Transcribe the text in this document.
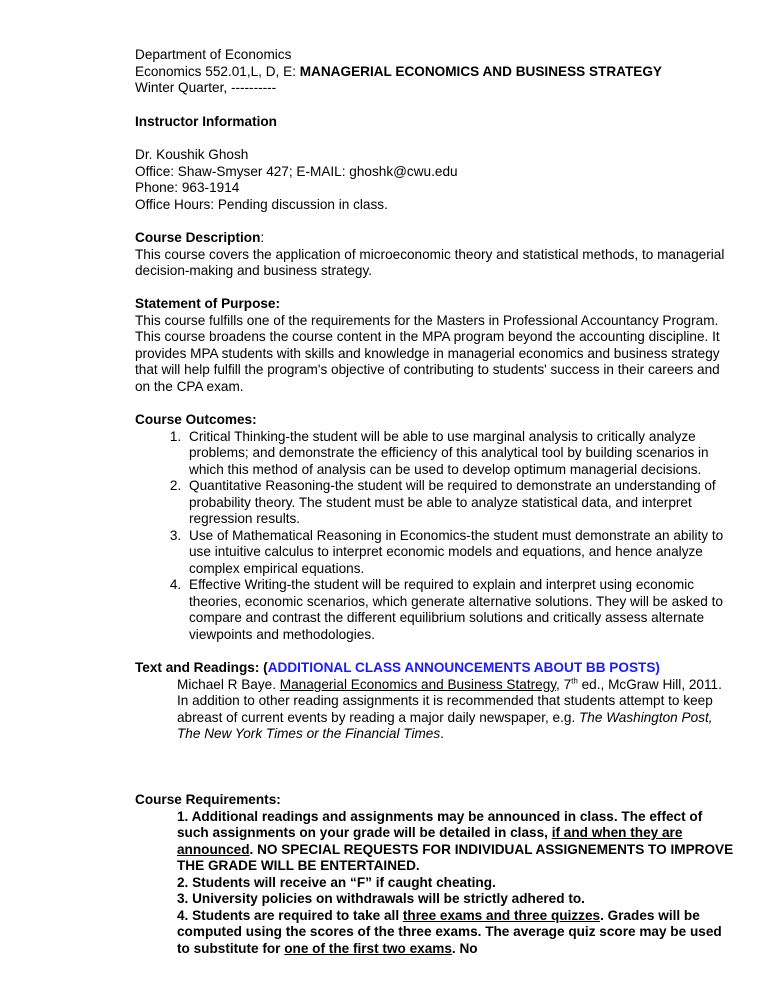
Department of Economics

Economics 552.01,L, D, E: MANAGERIAL ECONOMICS AND BUSINESS STRATEGY

Winter Quarter, ----------

Instructor Information

Dr. Koushik Ghosh

Office: Shaw-Smyser 427; E-MAIL: ghoshk@cwu.edu

Phone: 963-1914

Office Hours: Pending discussion in class.

Course Description:

This course covers the application of microeconomic theory and statistical methods, to managerial decision-making and business strategy.

Statement of Purpose:

This course fulfills one of the requirements for the Masters in Professional Accountancy Program. This course broadens the course content in the MPA program beyond the accounting discipline. It provides MPA students with skills and knowledge in managerial economics and business strategy that will help fulfill the program's objective of contributing to students' success in their careers and on the CPA exam.

Course Outcomes:

1. Critical Thinking-the student will be able to use marginal analysis to critically analyze problems; and demonstrate the efficiency of this analytical tool by building scenarios in which this method of analysis can be used to develop optimum managerial decisions.
2. Quantitative Reasoning-the student will be required to demonstrate an understanding of probability theory. The student must be able to analyze statistical data, and interpret regression results.
3. Use of Mathematical Reasoning in Economics-the student must demonstrate an ability to use intuitive calculus to interpret economic models and equations, and hence analyze complex empirical equations.
4. Effective Writing-the student will be required to explain and interpret using economic theories, economic scenarios, which generate alternative solutions. They will be asked to compare and contrast the different equilibrium solutions and critically assess alternate viewpoints and methodologies.

Text and Readings: (ADDITIONAL CLASS ANNOUNCEMENTS ABOUT BB POSTS)

Michael R Baye. Managerial Economics and Business Statregy, 7th ed., McGraw Hill, 2011.

In addition to other reading assignments it is recommended that students attempt to keep abreast of current events by reading a major daily newspaper, e.g. The Washington Post, The New York Times or the Financial Times.

Course Requirements:

1. Additional readings and assignments may be announced in class. The effect of such assignments on your grade will be detailed in class, if and when they are announced. NO SPECIAL REQUESTS FOR INDIVIDUAL ASSIGNEMENTS TO IMPROVE THE GRADE WILL BE ENTERTAINED.

2. Students will receive an “F” if caught cheating.

3. University policies on withdrawals will be strictly adhered to.

4. Students are required to take all three exams and three quizzes. Grades will be computed using the scores of the three exams. The average quiz score may be used to substitute for one of the first two exams. No
